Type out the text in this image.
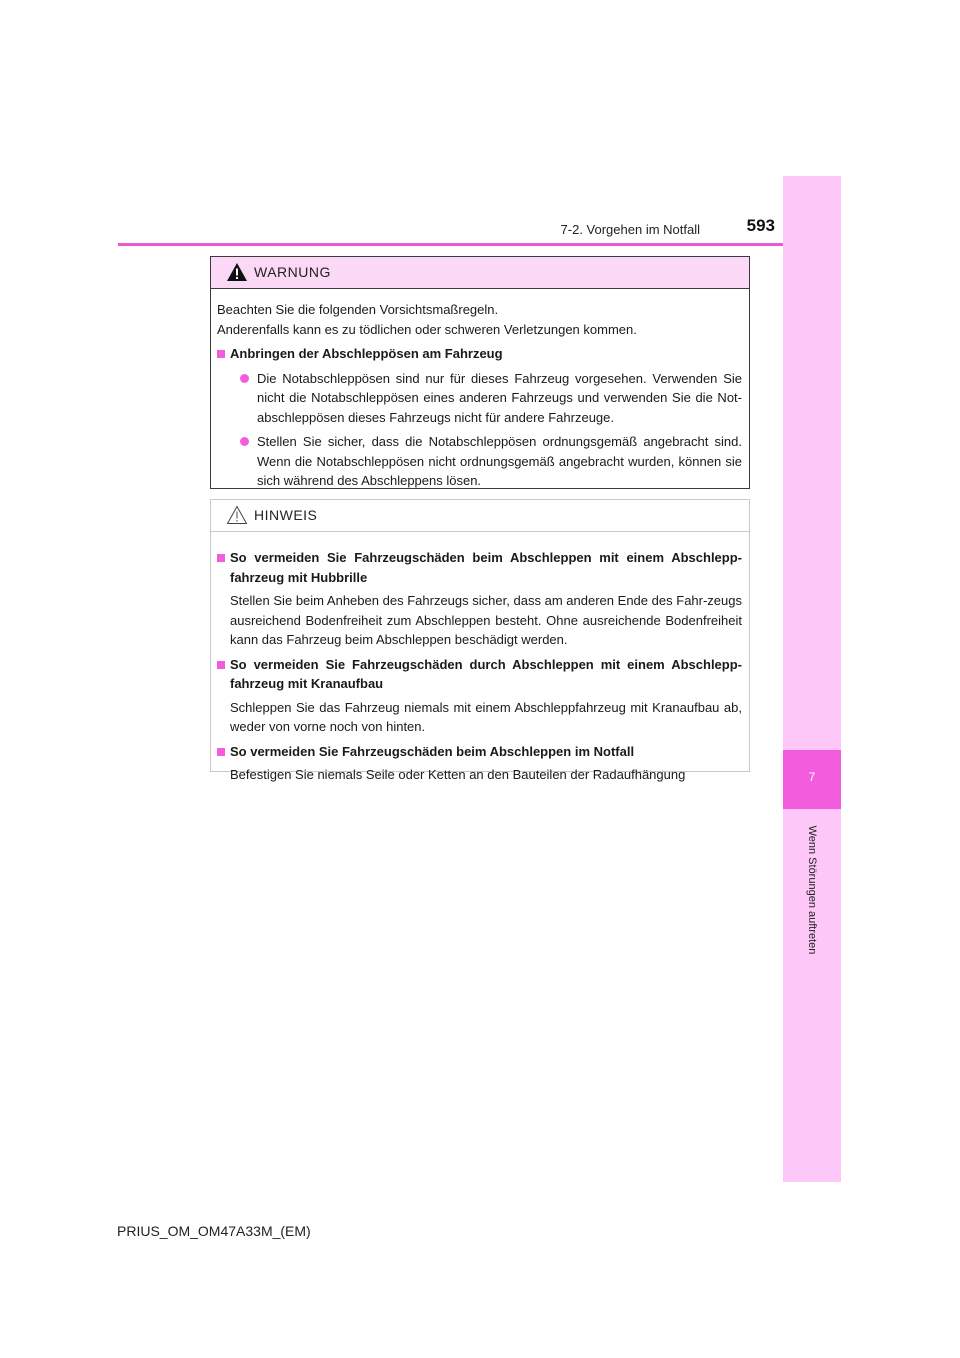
7-2. Vorgehen im Notfall	593
7
Wenn Störungen auftreten
WARNUNG

Beachten Sie die folgenden Vorsichtsmaßregeln.

Anderenfalls kann es zu tödlichen oder schweren Verletzungen kommen.

Anbringen der Abschleppösen am Fahrzeug
Die Notabschleppösen sind nur für dieses Fahrzeug vorgesehen. Verwenden Sie nicht die Notabschleppösen eines anderen Fahrzeugs und verwenden Sie die Not-abschleppösen dieses Fahrzeugs nicht für andere Fahrzeuge.
Stellen Sie sicher, dass die Notabschleppösen ordnungsgemäß angebracht sind. Wenn die Notabschleppösen nicht ordnungsgemäß angebracht wurden, können sie sich während des Abschleppens lösen.
HINWEIS
So vermeiden Sie Fahrzeugschäden beim Abschleppen mit einem Abschlepp-fahrzeug mit Hubbrille

Stellen Sie beim Anheben des Fahrzeugs sicher, dass am anderen Ende des Fahr-zeugs ausreichend Bodenfreiheit zum Abschleppen besteht. Ohne ausreichende Bodenfreiheit kann das Fahrzeug beim Abschleppen beschädigt werden.

So vermeiden Sie Fahrzeugschäden durch Abschleppen mit einem Abschlepp-fahrzeug mit Kranaufbau

Schleppen Sie das Fahrzeug niemals mit einem Abschleppfahrzeug mit Kranaufbau ab, weder von vorne noch von hinten.

So vermeiden Sie Fahrzeugschäden beim Abschleppen im Notfall

Befestigen Sie niemals Seile oder Ketten an den Bauteilen der Radaufhängung

PRIUS_OM_OM47A33M_(EM)
